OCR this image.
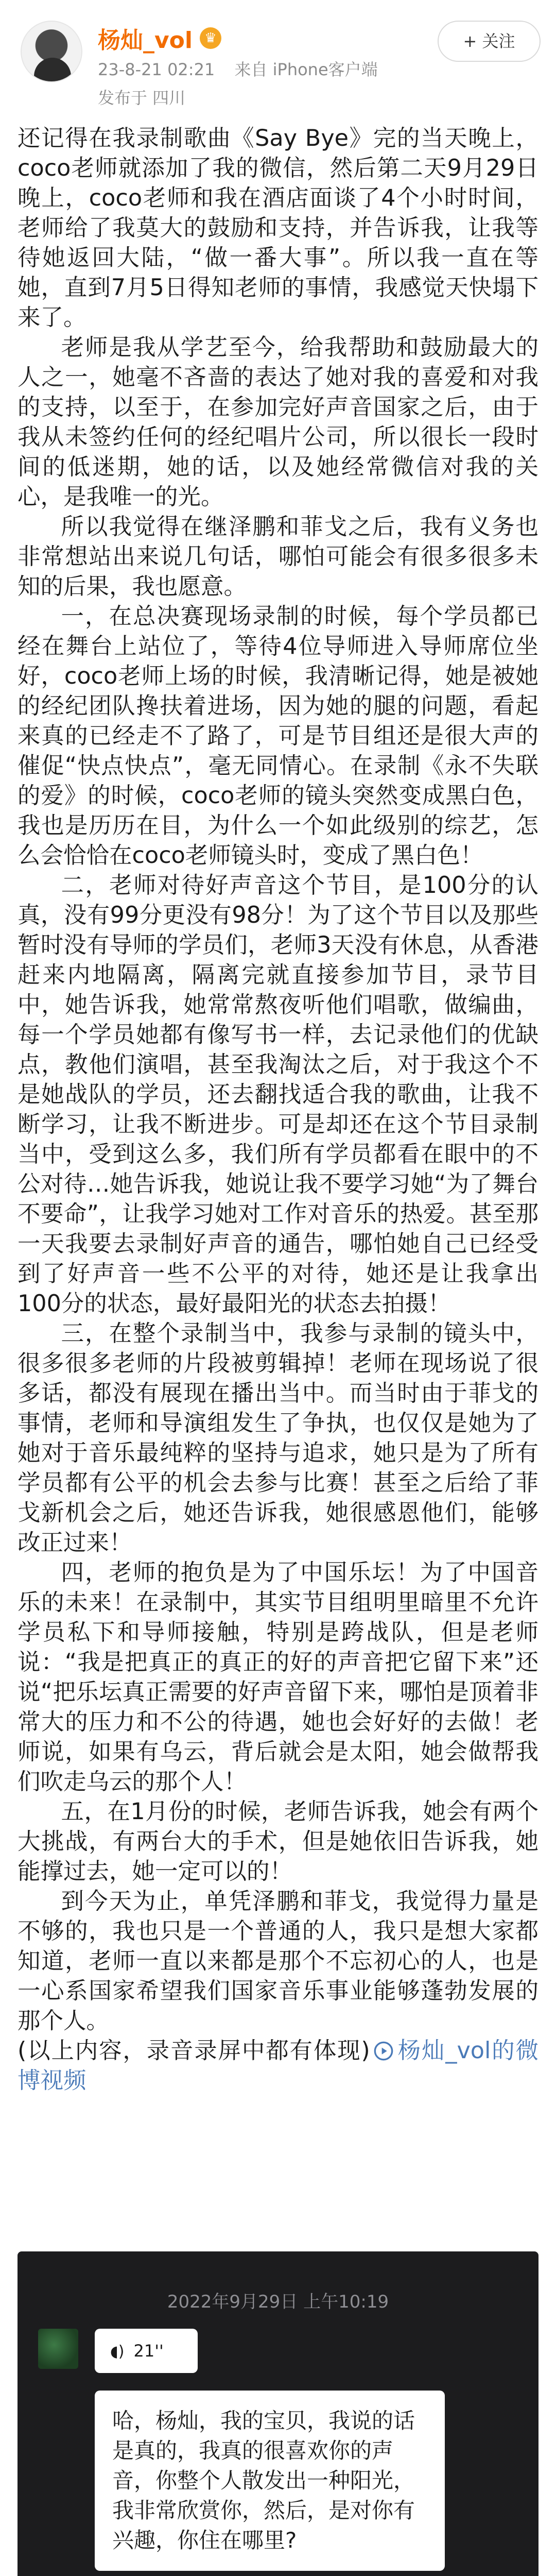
杨灿_vol ♛
23-8-21 02:21 来自 iPhone客户端
发布于 四川
+ 关注

还记得在我录制歌曲《Say Bye》完的当天晚上，coco老师就添加了我的微信，然后第二天9月29日晚上，coco老师和我在酒店面谈了4个小时时间，老师给了我莫大的鼓励和支持，并告诉我，让我等待她返回大陆，“做一番大事”。所以我一直在等她，直到7月5日得知老师的事情，我感觉天快塌下来了。

老师是我从学艺至今，给我帮助和鼓励最大的人之一，她毫不吝啬的表达了她对我的喜爱和对我的支持，以至于，在参加完好声音国家之后，由于我从未签约任何的经纪唱片公司，所以很长一段时间的低迷期，她的话，以及她经常微信对我的关心，是我唯一的光。

所以我觉得在继泽鹏和菲戈之后，我有义务也非常想站出来说几句话，哪怕可能会有很多很多未知的后果，我也愿意。

一，在总决赛现场录制的时候，每个学员都已经在舞台上站位了，等待4位导师进入导师席位坐好，coco老师上场的时候，我清晰记得，她是被她的经纪团队搀扶着进场，因为她的腿的问题，看起来真的已经走不了路了，可是节目组还是很大声的催促“快点快点”，毫无同情心。在录制《永不失联的爱》的时候，coco老师的镜头突然变成黑白色，我也是历历在目，为什么一个如此级别的综艺，怎么会恰恰在coco老师镜头时，变成了黑白色！

二，老师对待好声音这个节目，是100分的认真，没有99分更没有98分！为了这个节目以及那些暂时没有导师的学员们，老师3天没有休息，从香港赶来内地隔离，隔离完就直接参加节目，录节目中，她告诉我，她常常熬夜听他们唱歌，做编曲，每一个学员她都有像写书一样，去记录他们的优缺点，教他们演唱，甚至我淘汰之后，对于我这个不是她战队的学员，还去翻找适合我的歌曲，让我不断学习，让我不断进步。可是却还在这个节目录制当中，受到这么多，我们所有学员都看在眼中的不公对待…她告诉我，她说让我不要学习她“为了舞台不要命”，让我学习她对工作对音乐的热爱。甚至那一天我要去录制好声音的通告，哪怕她自己已经受到了好声音一些不公平的对待，她还是让我拿出100分的状态，最好最阳光的状态去拍摄！

三，在整个录制当中，我参与录制的镜头中，很多很多老师的片段被剪辑掉！老师在现场说了很多话，都没有展现在播出当中。而当时由于菲戈的事情，老师和导演组发生了争执，也仅仅是她为了她对于音乐最纯粹的坚持与追求，她只是为了所有学员都有公平的机会去参与比赛！甚至之后给了菲戈新机会之后，她还告诉我，她很感恩他们，能够改正过来！

四，老师的抱负是为了中国乐坛！为了中国音乐的未来！在录制中，其实节目组明里暗里不允许学员私下和导师接触，特别是跨战队，但是老师说：“我是把真正的真正的好的声音把它留下来”还说“把乐坛真正需要的好声音留下来，哪怕是顶着非常大的压力和不公的待遇，她也会好好的去做！老师说，如果有乌云，背后就会是太阳，她会做帮我们吹走乌云的那个人！

五，在1月份的时候，老师告诉我，她会有两个大挑战，有两台大的手术，但是她依旧告诉我，她能撑过去，她一定可以的！

到今天为止，单凭泽鹏和菲戈，我觉得力量是不够的，我也只是一个普通的人，我只是想大家都知道，老师一直以来都是那个不忘初心的人，也是一心系国家希望我们国家音乐事业能够蓬勃发展的那个人。

(以上内容，录音录屏中都有体现) 杨灿_vol的微博视频

2022年9月29日 上午10:19
◖) 21''
哈，杨灿，我的宝贝，我说的话是真的，我真的很喜欢你的声音，你整个人散发出一种阳光，我非常欣赏你，然后，是对你有兴趣，你住在哪里?
